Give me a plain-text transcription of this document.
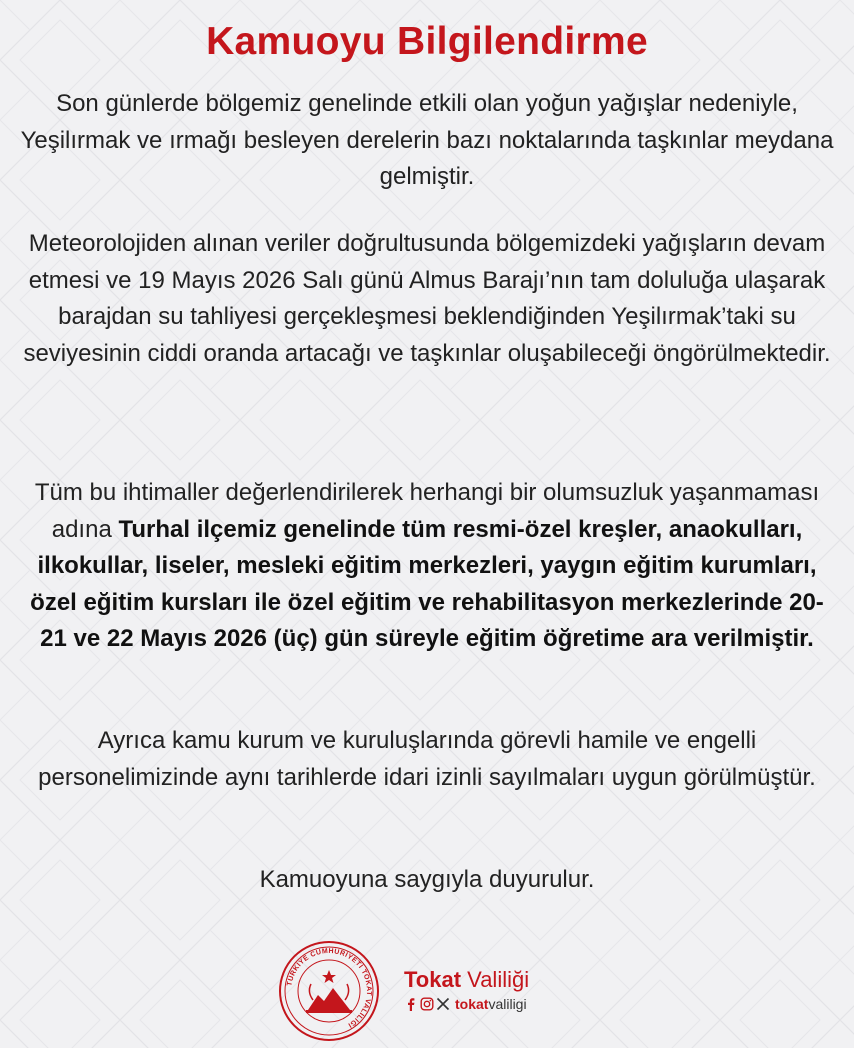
Kamuoyu Bilgilendirme
Son günlerde bölgemiz genelinde etkili olan yoğun yağışlar nedeniyle, Yeşilırmak ve ırmağı besleyen derelerin bazı noktalarında taşkınlar meydana gelmiştir.
Meteorolojiden alınan veriler doğrultusunda bölgemizdeki yağışların devam etmesi ve 19 Mayıs 2026 Salı günü Almus Barajı’nın tam doluluğa ulaşarak barajdan su tahliyesi gerçekleşmesi beklendiğinden Yeşilırmak’taki su seviyesinin ciddi oranda artacağı ve taşkınlar oluşabileceği öngörülmektedir.
Tüm bu ihtimaller değerlendirilerek herhangi bir olumsuzluk yaşanmaması adına Turhal ilçemiz genelinde tüm resmi-özel kreşler, anaokulları, ilkokullar, liseler, mesleki eğitim merkezleri, yaygın eğitim kurumları, özel eğitim kursları ile özel eğitim ve rehabilitasyon merkezlerinde 20-21 ve 22 Mayıs 2026 (üç) gün süreyle eğitim öğretime ara verilmiştir.
Ayrıca kamu kurum ve kuruluşlarında görevli hamile ve engelli personelimizinde aynı tarihlerde idari izinli sayılmaları uygun görülmüştür.
Kamuoyuna saygıyla duyurulur.
TÜRKİYE CUMHURİYETİ TOKAT VALİLİĞİ
Tokat Valiliği
tokatvaliligi
